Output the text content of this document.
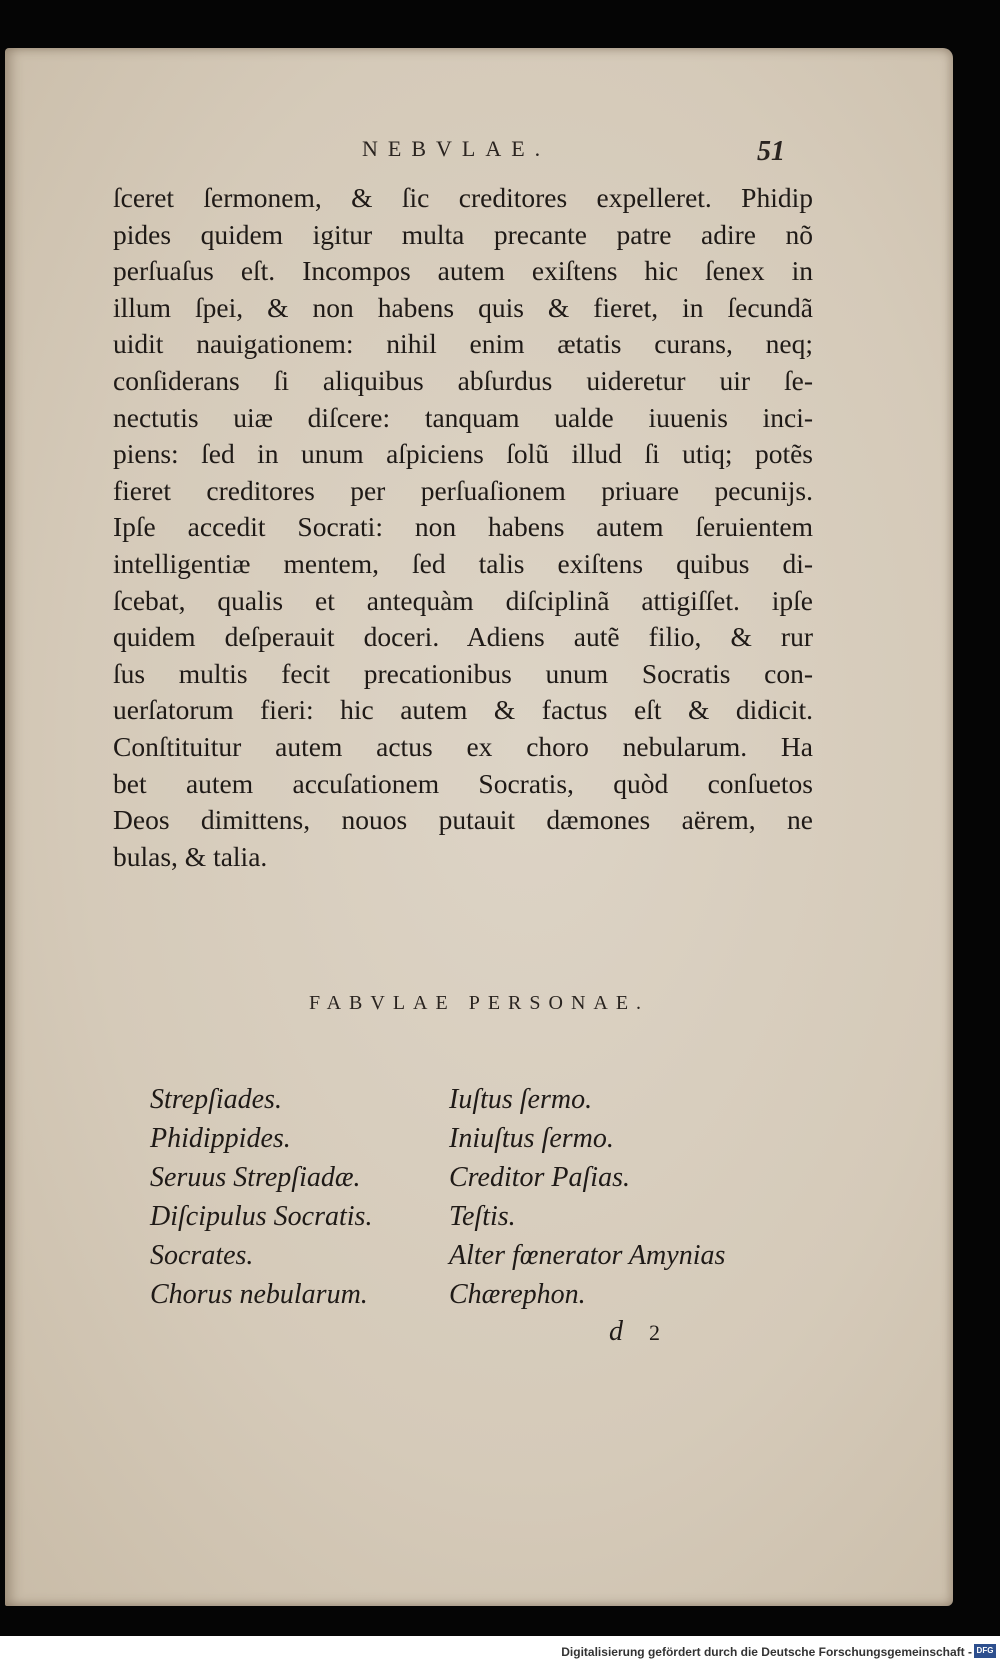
NEBVLAE.	51
ſceret ſermonem, & ſic creditores expelleret. Phidip
pides quidem igitur multa precante patre adire nõ
perſuaſus eſt. Incompos autem exiſtens hic ſenex in
illum ſpei, & non habens quis & fieret, in ſecundã
uidit nauigationem: nihil enim ætatis curans, neq;
conſiderans ſi aliquibus abſurdus uideretur uir ſe-
nectutis uiæ diſcere: tanquam ualde iuuenis inci-
piens: ſed in unum aſpiciens ſolũ illud ſi utiq; potẽs
fieret creditores per perſuaſionem priuare pecunijs.
Ipſe accedit Socrati: non habens autem ſeruientem
intelligentiæ mentem, ſed talis exiſtens quibus di-
ſcebat, qualis et antequàm diſciplinã attigiſſet. ipſe
quidem deſperauit doceri. Adiens autẽ filio, & rur
ſus multis fecit precationibus unum Socratis con-
uerſatorum fieri: hic autem & factus eſt & didicit.
Conſtituitur autem actus ex choro nebularum. Ha
bet autem accuſationem Socratis, quòd conſuetos
Deos dimittens, nouos putauit dæmones aërem, ne
bulas, & talia.
FABVLAE PERSONAE.
Strepſiades.
Phidippides.
Seruus Strepſiadæ.
Diſcipulus Socratis.
Socrates.
Chorus nebularum.
Iuſtus ſermo.
Iniuſtus ſermo.
Creditor Paſias.
Teſtis.
Alter fœnerator Amynias
Chærephon.
d 2
Digitalisierung gefördert durch die Deutsche Forschungsgemeinschaft - DFG
